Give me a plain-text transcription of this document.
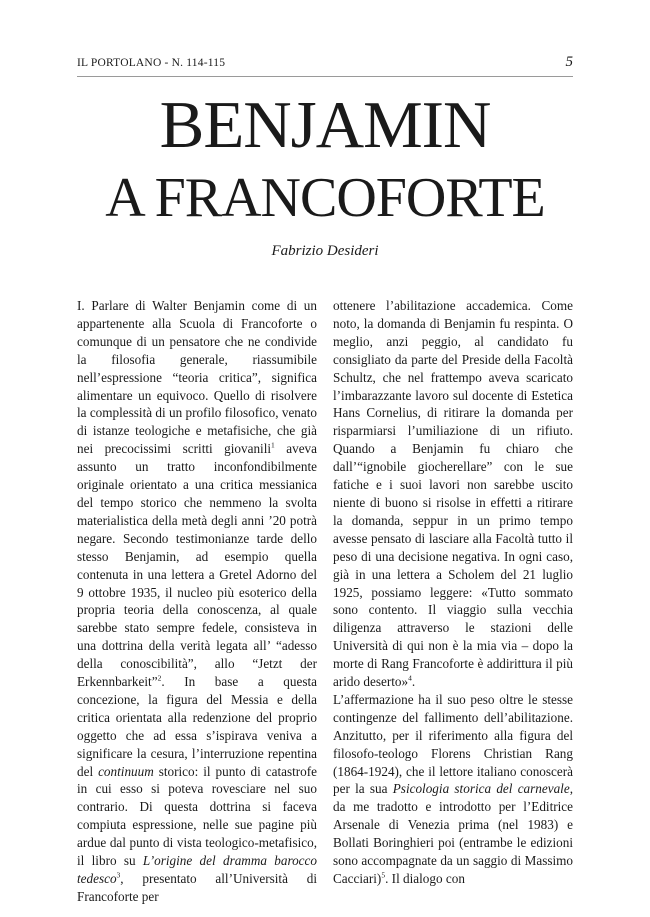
IL PORTOLANO - N. 114-115	5
BENJAMIN
A FRANCOFORTE
Fabrizio Desideri

I. Parlare di Walter Benjamin come di un appartenente alla Scuola di Francoforte o comunque di un pensatore che ne condivide la filosofia generale, riassumibile nell’espressione “teoria critica”, significa alimentare un equivoco. Quello di risolvere la complessità di un profilo filosofico, venato di istanze teologiche e metafisiche, che già nei precocissimi scritti giovanili$^1$ aveva assunto un tratto inconfondibilmente originale orientato a una critica messianica del tempo storico che nemmeno la svolta materialistica della metà degli anni ’20 potrà negare. Secondo testimonianze tarde dello stesso Benjamin, ad esempio quella contenuta in una lettera a Gretel Adorno del 9 ottobre 1935, il nucleo più esoterico della propria teoria della conoscenza, al quale sarebbe stato sempre fedele, consisteva in una dottrina della verità legata all’ “adesso della conoscibilità”, allo “Jetzt der Erkennbarkeit”$^2$. In base a questa concezione, la figura del Messia e della critica orientata alla redenzione del proprio oggetto che ad essa s’ispirava veniva a significare la cesura, l’interruzione repentina del continuum storico: il punto di catastrofe in cui esso si poteva rovesciare nel suo contrario. Di questa dottrina si faceva compiuta espressione, nelle sue pagine più ardue dal punto di vista teologico-metafisico, il libro su L’origine del dramma barocco tedesco$^3$, presentato all’Università di Francoforte per

ottenere l’abilitazione accademica. Come noto, la domanda di Benjamin fu respinta. O meglio, anzi peggio, al candidato fu consigliato da parte del Preside della Facoltà Schultz, che nel frattempo aveva scaricato l’imbarazzante lavoro sul docente di Estetica Hans Cornelius, di ritirare la domanda per risparmiarsi l’umiliazione di un rifiuto. Quando a Benjamin fu chiaro che dall’“ignobile giocherellare” con le sue fatiche e i suoi lavori non sarebbe uscito niente di buono si risolse in effetti a ritirare la domanda, seppur in un primo tempo avesse pensato di lasciare alla Facoltà tutto il peso di una decisione negativa. In ogni caso, già in una lettera a Scholem del 21 luglio 1925, possiamo leggere: «Tutto sommato sono contento. Il viaggio sulla vecchia diligenza attraverso le stazioni delle Università di qui non è la mia via – dopo la morte di Rang Francoforte è addirittura il più arido deserto»$^4$.
L’affermazione ha il suo peso oltre le stesse contingenze del fallimento dell’abilitazione. Anzitutto, per il riferimento alla figura del filosofo-teologo Florens Christian Rang (1864-1924), che il lettore italiano conoscerà per la sua Psicologia storica del carnevale, da me tradotto e introdotto per l’Editrice Arsenale di Venezia prima (nel 1983) e Bollati Boringhieri poi (entrambe le edizioni sono accompagnate da un saggio di Massimo Cacciari)$^5$. Il dialogo con
